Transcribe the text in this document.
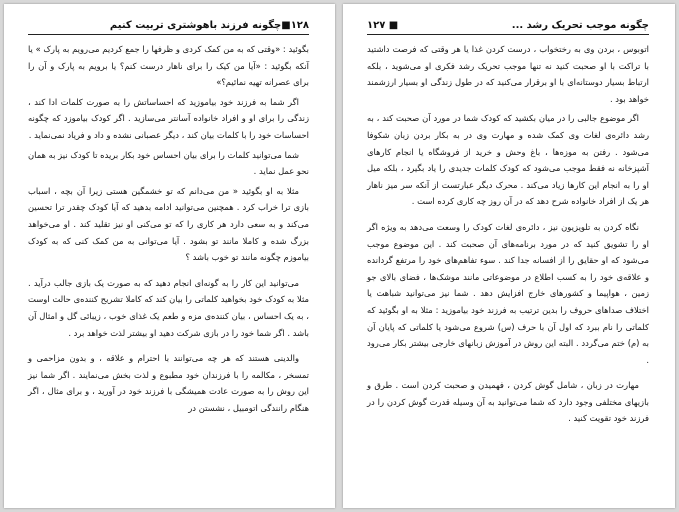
۱۲۸■چگونه فرزند باهوشتری تربیت کنیم

بگوئید : «وقتی که به من کمک کردی و ظرفها را جمع کردیم می‌رویم به پارک » یا آنکه بگوئید : «آیا من کیک را برای ناهار درست کنم؟ یا برویم به پارک و آن را برای عصرانه تهیه نمائیم؟»

اگر شما به فرزند خود بیاموزید که احساساتش را به صورت کلمات ادا کند ، زندگی را برای او و افراد خانواده آسانتر می‌سازید . اگر کودک بیاموزد که چگونه احساسات خود را با کلمات بیان کند ، دیگر عصبانی نشده و داد و فریاد نمی‌نماید .

شما می‌توانید کلمات را برای بیان احساس خود بکار بریده تا کودک نیز به همان نحو عمل نماید .

مثلا به او بگوئید « من می‌دانم که تو خشمگین هستی زیرا آن بچه ، اسباب بازی ترا خراب کرد . همچنین می‌توانید ادامه بدهید که آیا کودک چقدر ترا تحسین می‌کند و به سعی دارد هر کاری را که تو می‌کنی او نیز تقلید کند . او می‌خواهد بزرگ شده و کاملا مانند تو بشود . آیا می‌توانی به من کمک کنی که به کودک بیاموزم چگونه مانند تو خوب باشد ؟

می‌توانید این کار را به گونه‌ای انجام دهید که به صورت یک بازی جالب درآید . مثلا به کودک خود بخواهید کلماتی را بیان کند که کاملا تشریح کننده‌ی حالت اوست ، به یک احساس ، بیان کننده‌ی مزه و طعم یک غذای خوب ، زیبائی گل و امثال آن باشد . اگر شما خود را در بازی شرکت دهید او بیشتر لذت خواهد برد .

والدینی هستند که هر چه می‌توانند با احترام و علاقه ، و بدون مزاحمی و تمسخر ، مکالمه را با فرزندان خود مطبوع و لذت بخش می‌نمایند . اگر شما نیز این روش را به صورت عادت همیشگی با فرزند خود در آورید ، و برای مثال ، اگر هنگام رانندگی اتومبیل ، نشستن در

چگونه موجب تحریک رشد ...
■ ۱۲۷

اتوبوس ، بردن وی به رختخواب ، درست کردن غذا یا هر وقتی که فرصت داشتید با تراکت با او صحبت کنید نه تنها موجب تحریک رشد فکری او می‌شوید ، بلکه ارتباط بسیار دوستانه‌ای با او برقرار می‌کنید که در طول زندگی او بسیار ارزشمند خواهد بود .

اگر موضوع جالبی را در میان بکشید که کودک شما در مورد آن صحبت کند ، به رشد دائره‌ی لغات وی کمک شده و مهارت وی در به بکار بردن زبان شکوفا می‌شود . رفتن به موزه‌ها ، باغ وحش و خرید از فروشگاه یا انجام کارهای آشپزخانه نه فقط موجب می‌شود که کودک کلمات جدیدی را یاد بگیرد ، بلکه میل او را به انجام این کارها زیاد می‌کند . محرک دیگر عبارتست از آنکه سر میز ناهار هر یک از افراد خانواده شرح دهد که در آن روز چه کاری کرده است .

نگاه کردن به تلویزیون نیز ، دائره‌ی لغات کودک را وسعت می‌دهد به ویژه اگر او را تشویق کنید که در مورد برنامه‌های آن صحبت کند . این موضوع موجب می‌شود که او حقایق را از افسانه جدا کند . سوء تفاهم‌های خود را مرتفع گردانده و علاقه‌ی خود را به کسب اطلاع در موضوعاتی مانند موشک‌ها ، فضای بالای جو زمین ، هواپیما و کشورهای خارج افزایش دهد . شما نیز می‌توانید شباهت یا اختلاف صداهای حروف را بدین ترتیب به فرزند خود بیاموزید : مثلا به او بگوئید که کلماتی را نام ببرد که اول آن با حرف (س) شروع می‌شود یا کلماتی که پایان آن به (م) ختم می‌گردد . البته این روش در آموزش زبانهای خارجی بیشتر بکار می‌رود .

مهارت در زبان ، شامل گوش کردن ، فهمیدن و صحبت کردن است . طرق و بازیهای مختلفی وجود دارد که شما می‌توانید به آن وسیله قدرت گوش کردن را در فرزند خود تقویت کنید .
